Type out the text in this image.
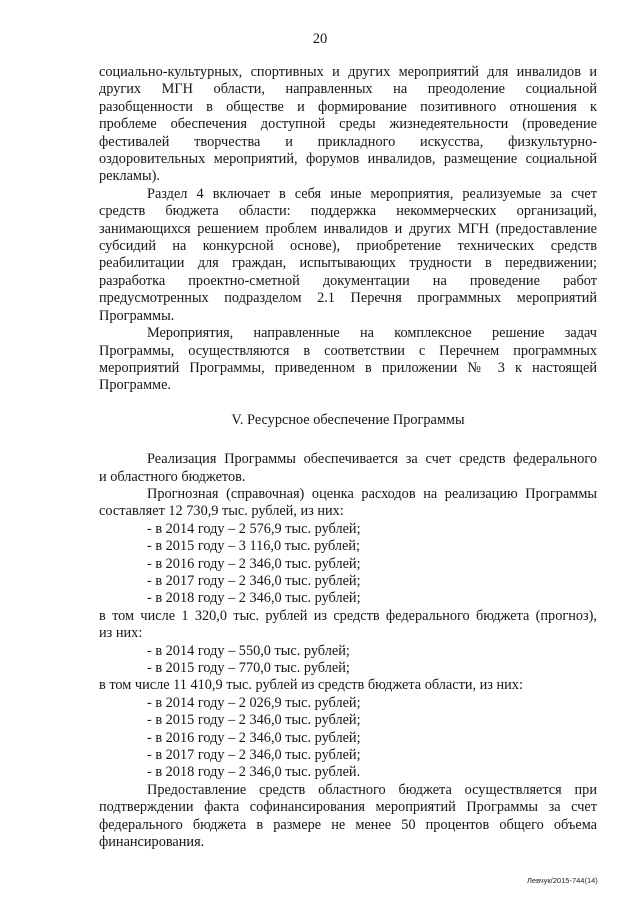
20

социально-культурных, спортивных и других мероприятий для инвалидов и

других МГН области, направленных на преодоление социальной

разобщенности в обществе и формирование позитивного отношения к

проблеме обеспечения доступной среды жизнедеятельности (проведение

фестивалей творчества и прикладного искусства, физкультурно-

оздоровительных мероприятий, форумов инвалидов, размещение социальной

рекламы).

Раздел 4 включает в себя иные мероприятия, реализуемые за счет

средств бюджета области: поддержка некоммерческих организаций,

занимающихся решением проблем инвалидов и других МГН (предоставление

субсидий на конкурсной основе), приобретение технических средств

реабилитации для граждан, испытывающих трудности в передвижении;

разработка проектно-сметной документации на проведение работ

предусмотренных подразделом 2.1 Перечня программных мероприятий

Программы.

Мероприятия, направленные на комплексное решение задач

Программы, осуществляются в соответствии с Перечнем программных

мероприятий Программы, приведенном в приложении № 3 к настоящей

Программе.

V. Ресурсное обеспечение Программы

Реализация Программы обеспечивается за счет средств федерального

и областного бюджетов.

Прогнозная (справочная) оценка расходов на реализацию Программы

составляет 12 730,9 тыс. рублей, из них:

- в 2014 году – 2 576,9 тыс. рублей;

- в 2015 году – 3 116,0 тыс. рублей;

- в 2016 году – 2 346,0 тыс. рублей;

- в 2017 году – 2 346,0 тыс. рублей;

- в 2018 году – 2 346,0 тыс. рублей;

в том числе 1 320,0 тыс. рублей из средств федерального бюджета (прогноз),

из них:

- в 2014 году – 550,0 тыс. рублей;

- в 2015 году – 770,0 тыс. рублей;

в том числе 11 410,9 тыс. рублей из средств бюджета области, из них:

- в 2014 году – 2 026,9 тыс. рублей;

- в 2015 году – 2 346,0 тыс. рублей;

- в 2016 году – 2 346,0 тыс. рублей;

- в 2017 году – 2 346,0 тыс. рублей;

- в 2018 году – 2 346,0 тыс. рублей.

Предоставление средств областного бюджета осуществляется при

подтверждении факта софинансирования мероприятий Программы за счет

федерального бюджета в размере не менее 50 процентов общего объема

финансирования.

Левчук/2015-744(14)
